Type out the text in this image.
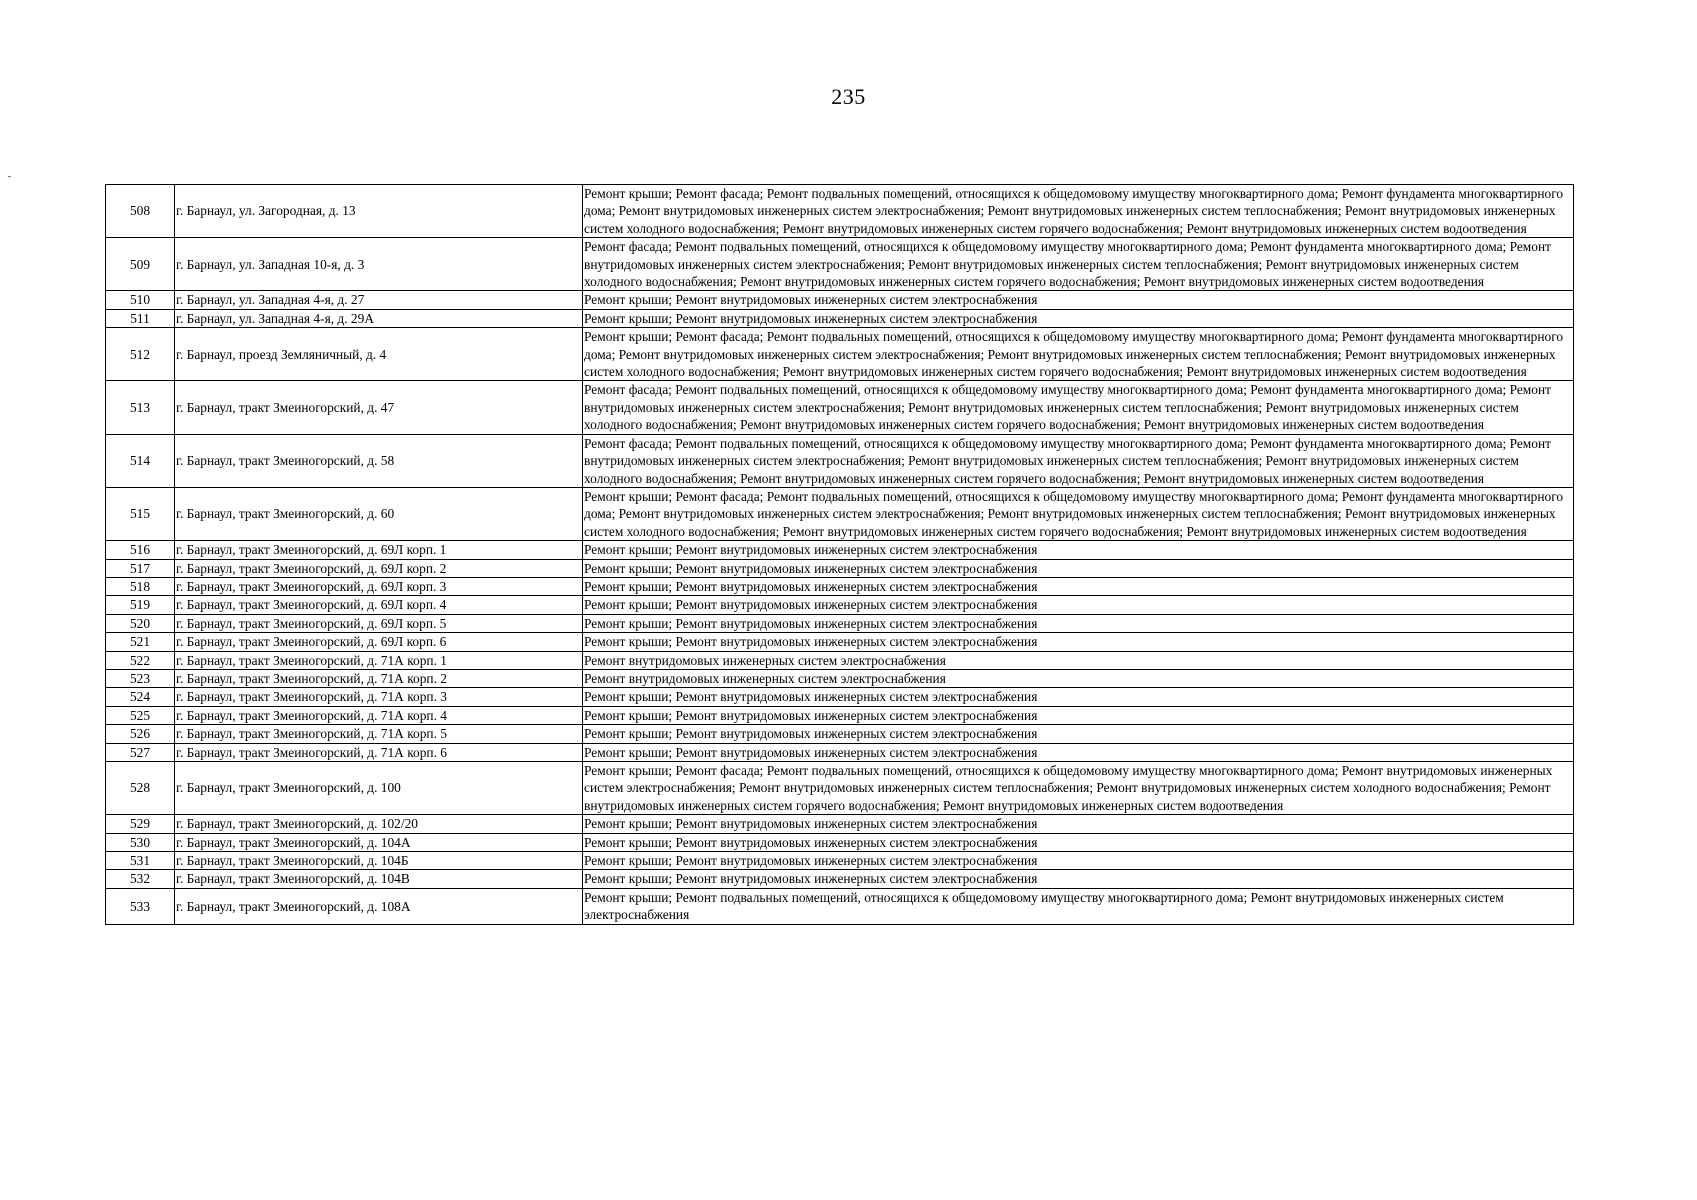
235
508	г. Барнаул, ул. Загородная, д. 13	Ремонт крыши; Ремонт фасада; Ремонт подвальных помещений, относящихся к общедомовому имуществу многоквартирного дома; Ремонт фундамента многоквартирного дома; Ремонт внутридомовых инженерных систем электроснабжения; Ремонт внутридомовых инженерных систем теплоснабжения; Ремонт внутридомовых инженерных систем холодного водоснабжения; Ремонт внутридомовых инженерных систем горячего водоснабжения; Ремонт внутридомовых инженерных систем водоотведения
509	г. Барнаул, ул. Западная 10-я, д. 3	Ремонт фасада; Ремонт подвальных помещений, относящихся к общедомовому имуществу многоквартирного дома; Ремонт фундамента многоквартирного дома; Ремонт внутридомовых инженерных систем электроснабжения; Ремонт внутридомовых инженерных систем теплоснабжения; Ремонт внутридомовых инженерных систем холодного водоснабжения; Ремонт внутридомовых инженерных систем горячего водоснабжения; Ремонт внутридомовых инженерных систем водоотведения
510	г. Барнаул, ул. Западная 4-я, д. 27	Ремонт крыши; Ремонт внутридомовых инженерных систем электроснабжения
511	г. Барнаул, ул. Западная 4-я, д. 29А	Ремонт крыши; Ремонт внутридомовых инженерных систем электроснабжения
512	г. Барнаул, проезд Земляничный, д. 4	Ремонт крыши; Ремонт фасада; Ремонт подвальных помещений, относящихся к общедомовому имуществу многоквартирного дома; Ремонт фундамента многоквартирного дома; Ремонт внутридомовых инженерных систем электроснабжения; Ремонт внутридомовых инженерных систем теплоснабжения; Ремонт внутридомовых инженерных систем холодного водоснабжения; Ремонт внутридомовых инженерных систем горячего водоснабжения; Ремонт внутридомовых инженерных систем водоотведения
513	г. Барнаул, тракт Змеиногорский, д. 47	Ремонт фасада; Ремонт подвальных помещений, относящихся к общедомовому имуществу многоквартирного дома; Ремонт фундамента многоквартирного дома; Ремонт внутридомовых инженерных систем электроснабжения; Ремонт внутридомовых инженерных систем теплоснабжения; Ремонт внутридомовых инженерных систем холодного водоснабжения; Ремонт внутридомовых инженерных систем горячего водоснабжения; Ремонт внутридомовых инженерных систем водоотведения
514	г. Барнаул, тракт Змеиногорский, д. 58	Ремонт фасада; Ремонт подвальных помещений, относящихся к общедомовому имуществу многоквартирного дома; Ремонт фундамента многоквартирного дома; Ремонт внутридомовых инженерных систем электроснабжения; Ремонт внутридомовых инженерных систем теплоснабжения; Ремонт внутридомовых инженерных систем холодного водоснабжения; Ремонт внутридомовых инженерных систем горячего водоснабжения; Ремонт внутридомовых инженерных систем водоотведения
515	г. Барнаул, тракт Змеиногорский, д. 60	Ремонт крыши; Ремонт фасада; Ремонт подвальных помещений, относящихся к общедомовому имуществу многоквартирного дома; Ремонт фундамента многоквартирного дома; Ремонт внутридомовых инженерных систем электроснабжения; Ремонт внутридомовых инженерных систем теплоснабжения; Ремонт внутридомовых инженерных систем холодного водоснабжения; Ремонт внутридомовых инженерных систем горячего водоснабжения; Ремонт внутридомовых инженерных систем водоотведения
516	г. Барнаул, тракт Змеиногорский, д. 69Л корп. 1	Ремонт крыши; Ремонт внутридомовых инженерных систем электроснабжения
517	г. Барнаул, тракт Змеиногорский, д. 69Л корп. 2	Ремонт крыши; Ремонт внутридомовых инженерных систем электроснабжения
518	г. Барнаул, тракт Змеиногорский, д. 69Л корп. 3	Ремонт крыши; Ремонт внутридомовых инженерных систем электроснабжения
519	г. Барнаул, тракт Змеиногорский, д. 69Л корп. 4	Ремонт крыши; Ремонт внутридомовых инженерных систем электроснабжения
520	г. Барнаул, тракт Змеиногорский, д. 69Л корп. 5	Ремонт крыши; Ремонт внутридомовых инженерных систем электроснабжения
521	г. Барнаул, тракт Змеиногорский, д. 69Л корп. 6	Ремонт крыши; Ремонт внутридомовых инженерных систем электроснабжения
522	г. Барнаул, тракт Змеиногорский, д. 71А корп. 1	Ремонт внутридомовых инженерных систем электроснабжения
523	г. Барнаул, тракт Змеиногорский, д. 71А корп. 2	Ремонт внутридомовых инженерных систем электроснабжения
524	г. Барнаул, тракт Змеиногорский, д. 71А корп. 3	Ремонт крыши; Ремонт внутридомовых инженерных систем электроснабжения
525	г. Барнаул, тракт Змеиногорский, д. 71А корп. 4	Ремонт крыши; Ремонт внутридомовых инженерных систем электроснабжения
526	г. Барнаул, тракт Змеиногорский, д. 71А корп. 5	Ремонт крыши; Ремонт внутридомовых инженерных систем электроснабжения
527	г. Барнаул, тракт Змеиногорский, д. 71А корп. 6	Ремонт крыши; Ремонт внутридомовых инженерных систем электроснабжения
528	г. Барнаул, тракт Змеиногорский, д. 100	Ремонт крыши; Ремонт фасада; Ремонт подвальных помещений, относящихся к общедомовому имуществу многоквартирного дома; Ремонт внутридомовых инженерных систем электроснабжения; Ремонт внутридомовых инженерных систем теплоснабжения; Ремонт внутридомовых инженерных систем холодного водоснабжения; Ремонт внутридомовых инженерных систем горячего водоснабжения; Ремонт внутридомовых инженерных систем водоотведения
529	г. Барнаул, тракт Змеиногорский, д. 102/20	Ремонт крыши; Ремонт внутридомовых инженерных систем электроснабжения
530	г. Барнаул, тракт Змеиногорский, д. 104А	Ремонт крыши; Ремонт внутридомовых инженерных систем электроснабжения
531	г. Барнаул, тракт Змеиногорский, д. 104Б	Ремонт крыши; Ремонт внутридомовых инженерных систем электроснабжения
532	г. Барнаул, тракт Змеиногорский, д. 104В	Ремонт крыши; Ремонт внутридомовых инженерных систем электроснабжения
533	г. Барнаул, тракт Змеиногорский, д. 108А	Ремонт крыши; Ремонт подвальных помещений, относящихся к общедомовому имуществу многоквартирного дома; Ремонт внутридомовых инженерных систем электроснабжения
